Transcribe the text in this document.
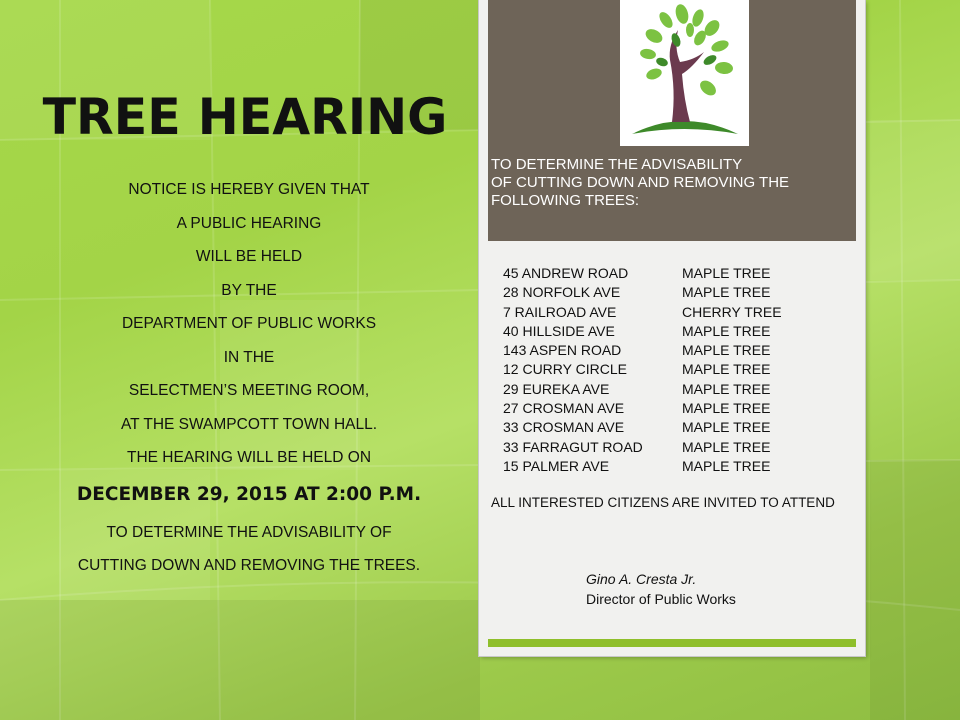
TREE HEARING
NOTICE IS HEREBY GIVEN THAT
A PUBLIC HEARING
WILL BE HELD
BY THE
DEPARTMENT OF PUBLIC WORKS
IN THE
SELECTMEN’S MEETING ROOM,
AT THE SWAMPCOTT TOWN HALL.
THE HEARING WILL BE HELD ON
DECEMBER 29, 2015 AT 2:00 P.M.
TO DETERMINE THE ADVISABILITY OF
CUTTING DOWN AND REMOVING THE TREES.
TO DETERMINE THE ADVISABILITY
OF CUTTING DOWN AND REMOVING THE
FOLLOWING TREES:
45 ANDREW ROAD	MAPLE TREE
28 NORFOLK AVE	MAPLE TREE
7 RAILROAD AVE	CHERRY TREE
40 HILLSIDE AVE	MAPLE TREE
143 ASPEN ROAD	MAPLE TREE
12 CURRY CIRCLE	MAPLE TREE
29 EUREKA AVE	MAPLE TREE
27 CROSMAN AVE	MAPLE TREE
33 CROSMAN AVE	MAPLE TREE
33 FARRAGUT ROAD	MAPLE TREE
15 PALMER AVE	MAPLE TREE
ALL INTERESTED CITIZENS ARE INVITED TO ATTEND
Gino A. Cresta Jr.
Director of Public Works
